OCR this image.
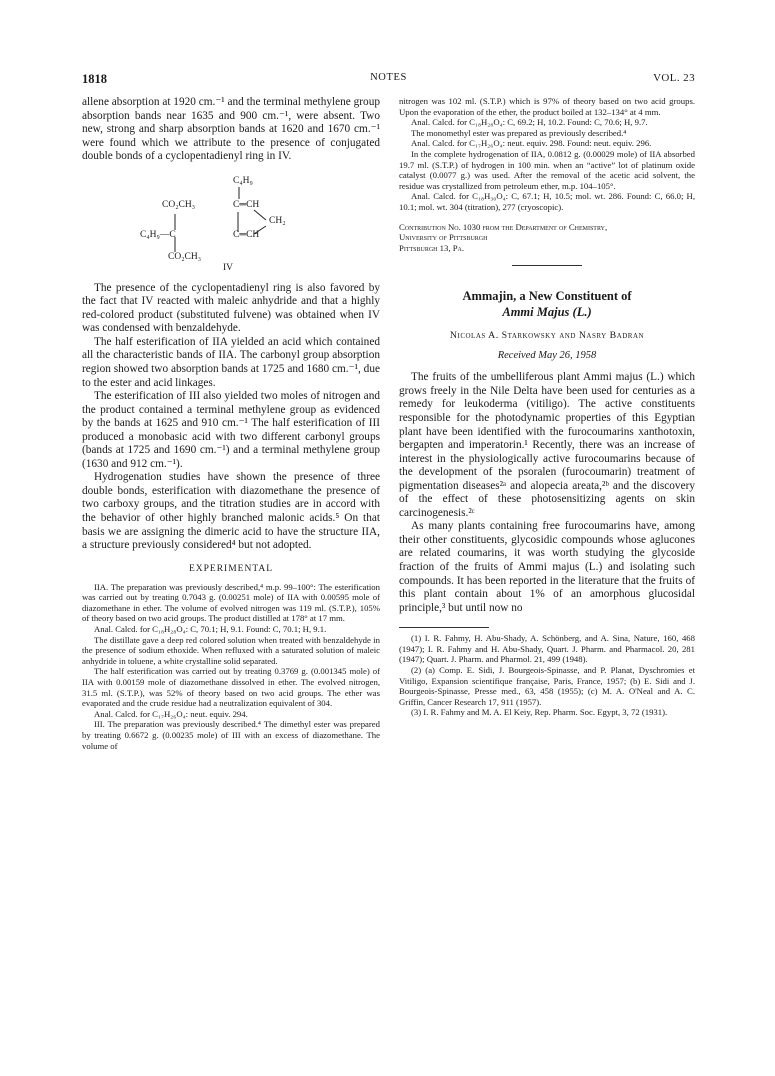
1818	NOTES	VOL. 23

allene absorption at 1920 cm.⁻¹ and the terminal methylene group absorption bands near 1635 and 900 cm.⁻¹, were absent. Two new, strong and sharp absorption bands at 1620 and 1670 cm.⁻¹ were found which we attribute to the presence of conjugated double bonds of a cyclopentadienyl ring in IV.

C₄H₉
CO₂CH₃	C═CH
CH₂
C₄H₉—C	C═CH
CO₂CH₃
IV

The presence of the cyclopentadienyl ring is also favored by the fact that IV reacted with maleic anhydride and that a highly red-colored product (substituted fulvene) was obtained when IV was condensed with benzaldehyde.

The half esterification of IIA yielded an acid which contained all the characteristic bands of IIA. The carbonyl group absorption region showed two absorption bands at 1725 and 1680 cm.⁻¹, due to the ester and acid linkages.

The esterification of III also yielded two moles of nitrogen and the product contained a terminal methylene group as evidenced by the bands at 1625 and 910 cm.⁻¹ The half esterification of III produced a monobasic acid with two different carbonyl groups (bands at 1725 and 1690 cm.⁻¹) and a terminal methylene group (1630 and 912 cm.⁻¹).

Hydrogenation studies have shown the presence of three double bonds, esterification with diazomethane the presence of two carboxy groups, and the titration studies are in accord with the behavior of other highly branched malonic acids.⁵ On that basis we are assigning the dimeric acid to have the structure IIA, a structure previously considered⁴ but not adopted.

EXPERIMENTAL

IIA. The preparation was previously described,⁴ m.p. 99–100°: The esterification was carried out by treating 0.7043 g. (0.00251 mole) of IIA with 0.00595 mole of diazomethane in ether. The volume of evolved nitrogen was 119 ml. (S.T.P.), 105% of theory based on two acid groups. The product distilled at 178° at 17 mm.

Anal. Calcd. for C₁₈H₂₈O₄: C, 70.1; H, 9.1. Found: C, 70.1; H, 9.1.

The distillate gave a deep red colored solution when treated with benzaldehyde in the presence of sodium ethoxide. When refluxed with a saturated solution of maleic anhydride in toluene, a white crystalline solid separated.

The half esterification was carried out by treating 0.3769 g. (0.001345 mole) of IIA with 0.00159 mole of diazomethane dissolved in ether. The evolved nitrogen, 31.5 ml. (S.T.P.), was 52% of theory based on two acid groups. The ether was evaporated and the crude residue had a neutralization equivalent of 304.

Anal. Calcd. for C₁₇H₂₆O₄: neut. equiv. 294.

III. The preparation was previously described.⁴ The dimethyl ester was prepared by treating 0.6672 g. (0.00235 mole) of III with an excess of diazomethane. The volume of

nitrogen was 102 ml. (S.T.P.) which is 97% of theory based on two acid groups. Upon the evaporation of the ether, the product boiled at 132–134° at 4 mm.

Anal. Calcd. for C₁₈H₂₈O₄: C, 69.2; H, 10.2. Found: C, 70.6; H, 9.7.

The monomethyl ester was prepared as previously described.⁴

Anal. Calcd. for C₁₇H₂₆O₄: neut. equiv. 298. Found: neut. equiv. 296.

In the complete hydrogenation of IIA, 0.0812 g. (0.00029 mole) of IIA absorbed 19.7 ml. (S.T.P.) of hydrogen in 100 min. when an “active” lot of platinum oxide catalyst (0.0077 g.) was used. After the removal of the acetic acid solvent, the residue was crystallized from petroleum ether, m.p. 104–105°.

Anal. Calcd. for C₁₈H₃₀O₄: C, 67.1; H, 10.5; mol. wt. 286. Found: C, 66.0; H, 10.1; mol. wt. 304 (titration), 277 (cryoscopic).

Contribution No. 1030 from the Department of Chemistry,
University of Pittsburgh
Pittsburgh 13, Pa.
Ammajin, a New Constituent of
Ammi Majus (L.)
Nicolas A. Starkowsky and Nasry Badran
Received May 26, 1958

The fruits of the umbelliferous plant Ammi majus (L.) which grows freely in the Nile Delta have been used for centuries as a remedy for leukoderma (vitiligo). The active constituents responsible for the photodynamic properties of this Egyptian plant have been identified with the furocoumarins xanthotoxin, bergapten and imperatorin.¹ Recently, there was an increase of interest in the physiologically active furocoumarins because of the development of the psoralen (furocoumarin) treatment of pigmentation diseases²ᵃ and alopecia areata,²ᵇ and the discovery of the effect of these photosensitizing agents on skin carcinogenesis.²ᶜ

As many plants containing free furocoumarins have, among their other constituents, glycosidic compounds whose aglucones are related coumarins, it was worth studying the glycoside fraction of the fruits of Ammi majus (L.) and isolating such compounds. It has been reported in the literature that the fruits of this plant contain about 1% of an amorphous glucosidal principle,³ but until now no

(1) I. R. Fahmy, H. Abu-Shady, A. Schönberg, and A. Sina, Nature, 160, 468 (1947); I. R. Fahmy and H. Abu-Shady, Quart. J. Pharm. and Pharmacol. 20, 281 (1947); Quart. J. Pharm. and Pharmol. 21, 499 (1948).

(2) (a) Comp. E. Sidi, J. Bourgeois-Spinasse, and P. Planat, Dyschromies et Vitiligo, Expansion scientifique française, Paris, France, 1957; (b) E. Sidi and J. Bourgeois-Spinasse, Presse med., 63, 458 (1955); (c) M. A. O'Neal and A. C. Griffin, Cancer Research 17, 911 (1957).

(3) I. R. Fahmy and M. A. El Keiy, Rep. Pharm. Soc. Egypt, 3, 72 (1931).
